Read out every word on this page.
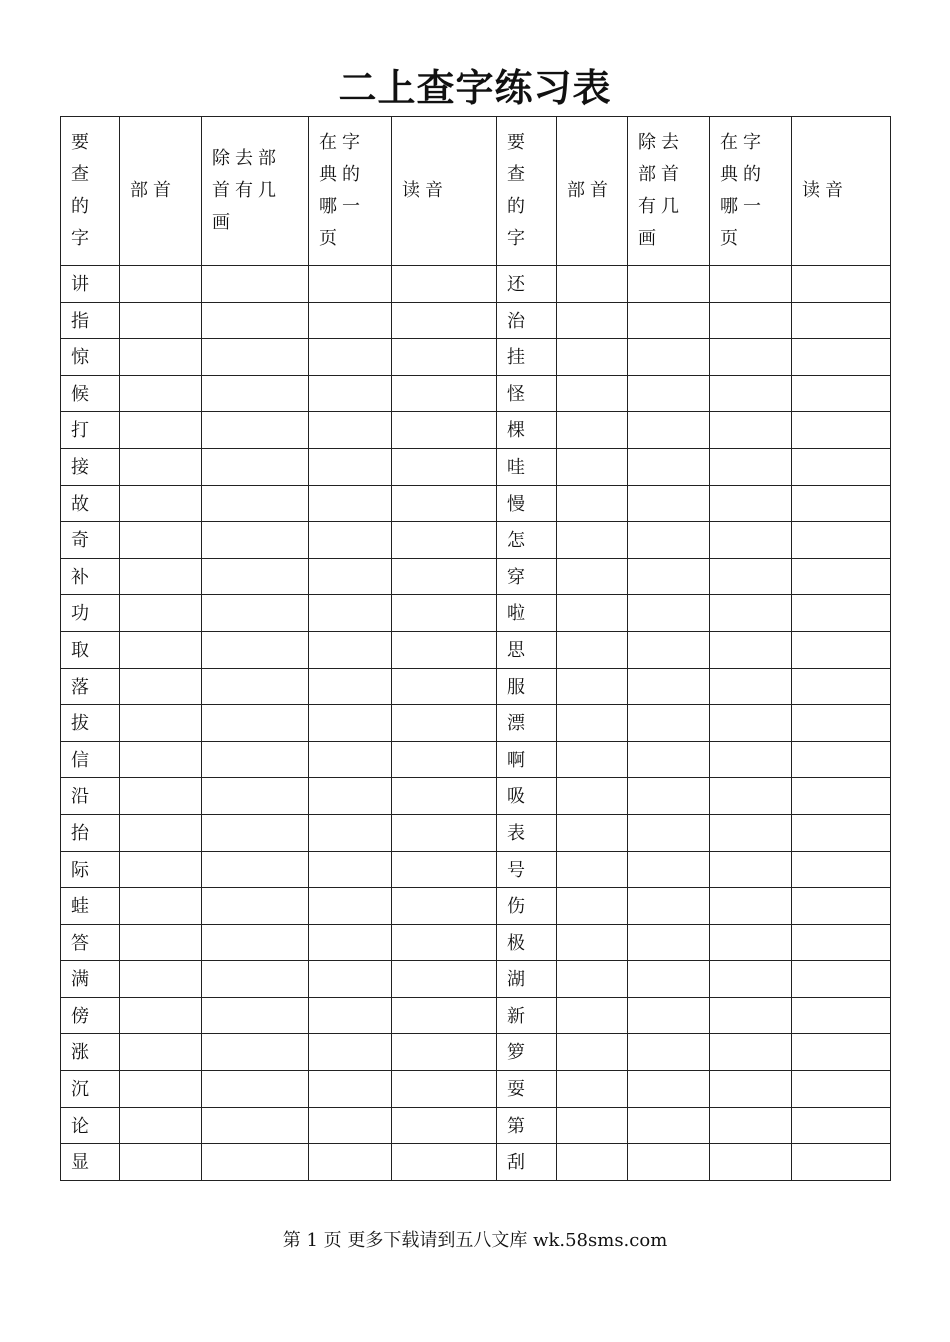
二上查字练习表
要查的字	部首	除去部首有几画	在字典的哪一页	读音	要查的字	部首	除去部首有几画	在字典的哪一页	读音
讲					还				
指					治				
惊					挂				
候					怪				
打					棵				
接					哇				
故					慢				
奇					怎				
补					穿				
功					啦				
取					思				
落					服				
拔					漂				
信					啊				
沿					吸				
抬					表				
际					号				
蛙					伤				
答					极				
满					湖				
傍					新				
涨					箩				
沉					耍				
论					第				
显					刮				
第 1 页 更多下载请到五八文库 wk.58sms.com
